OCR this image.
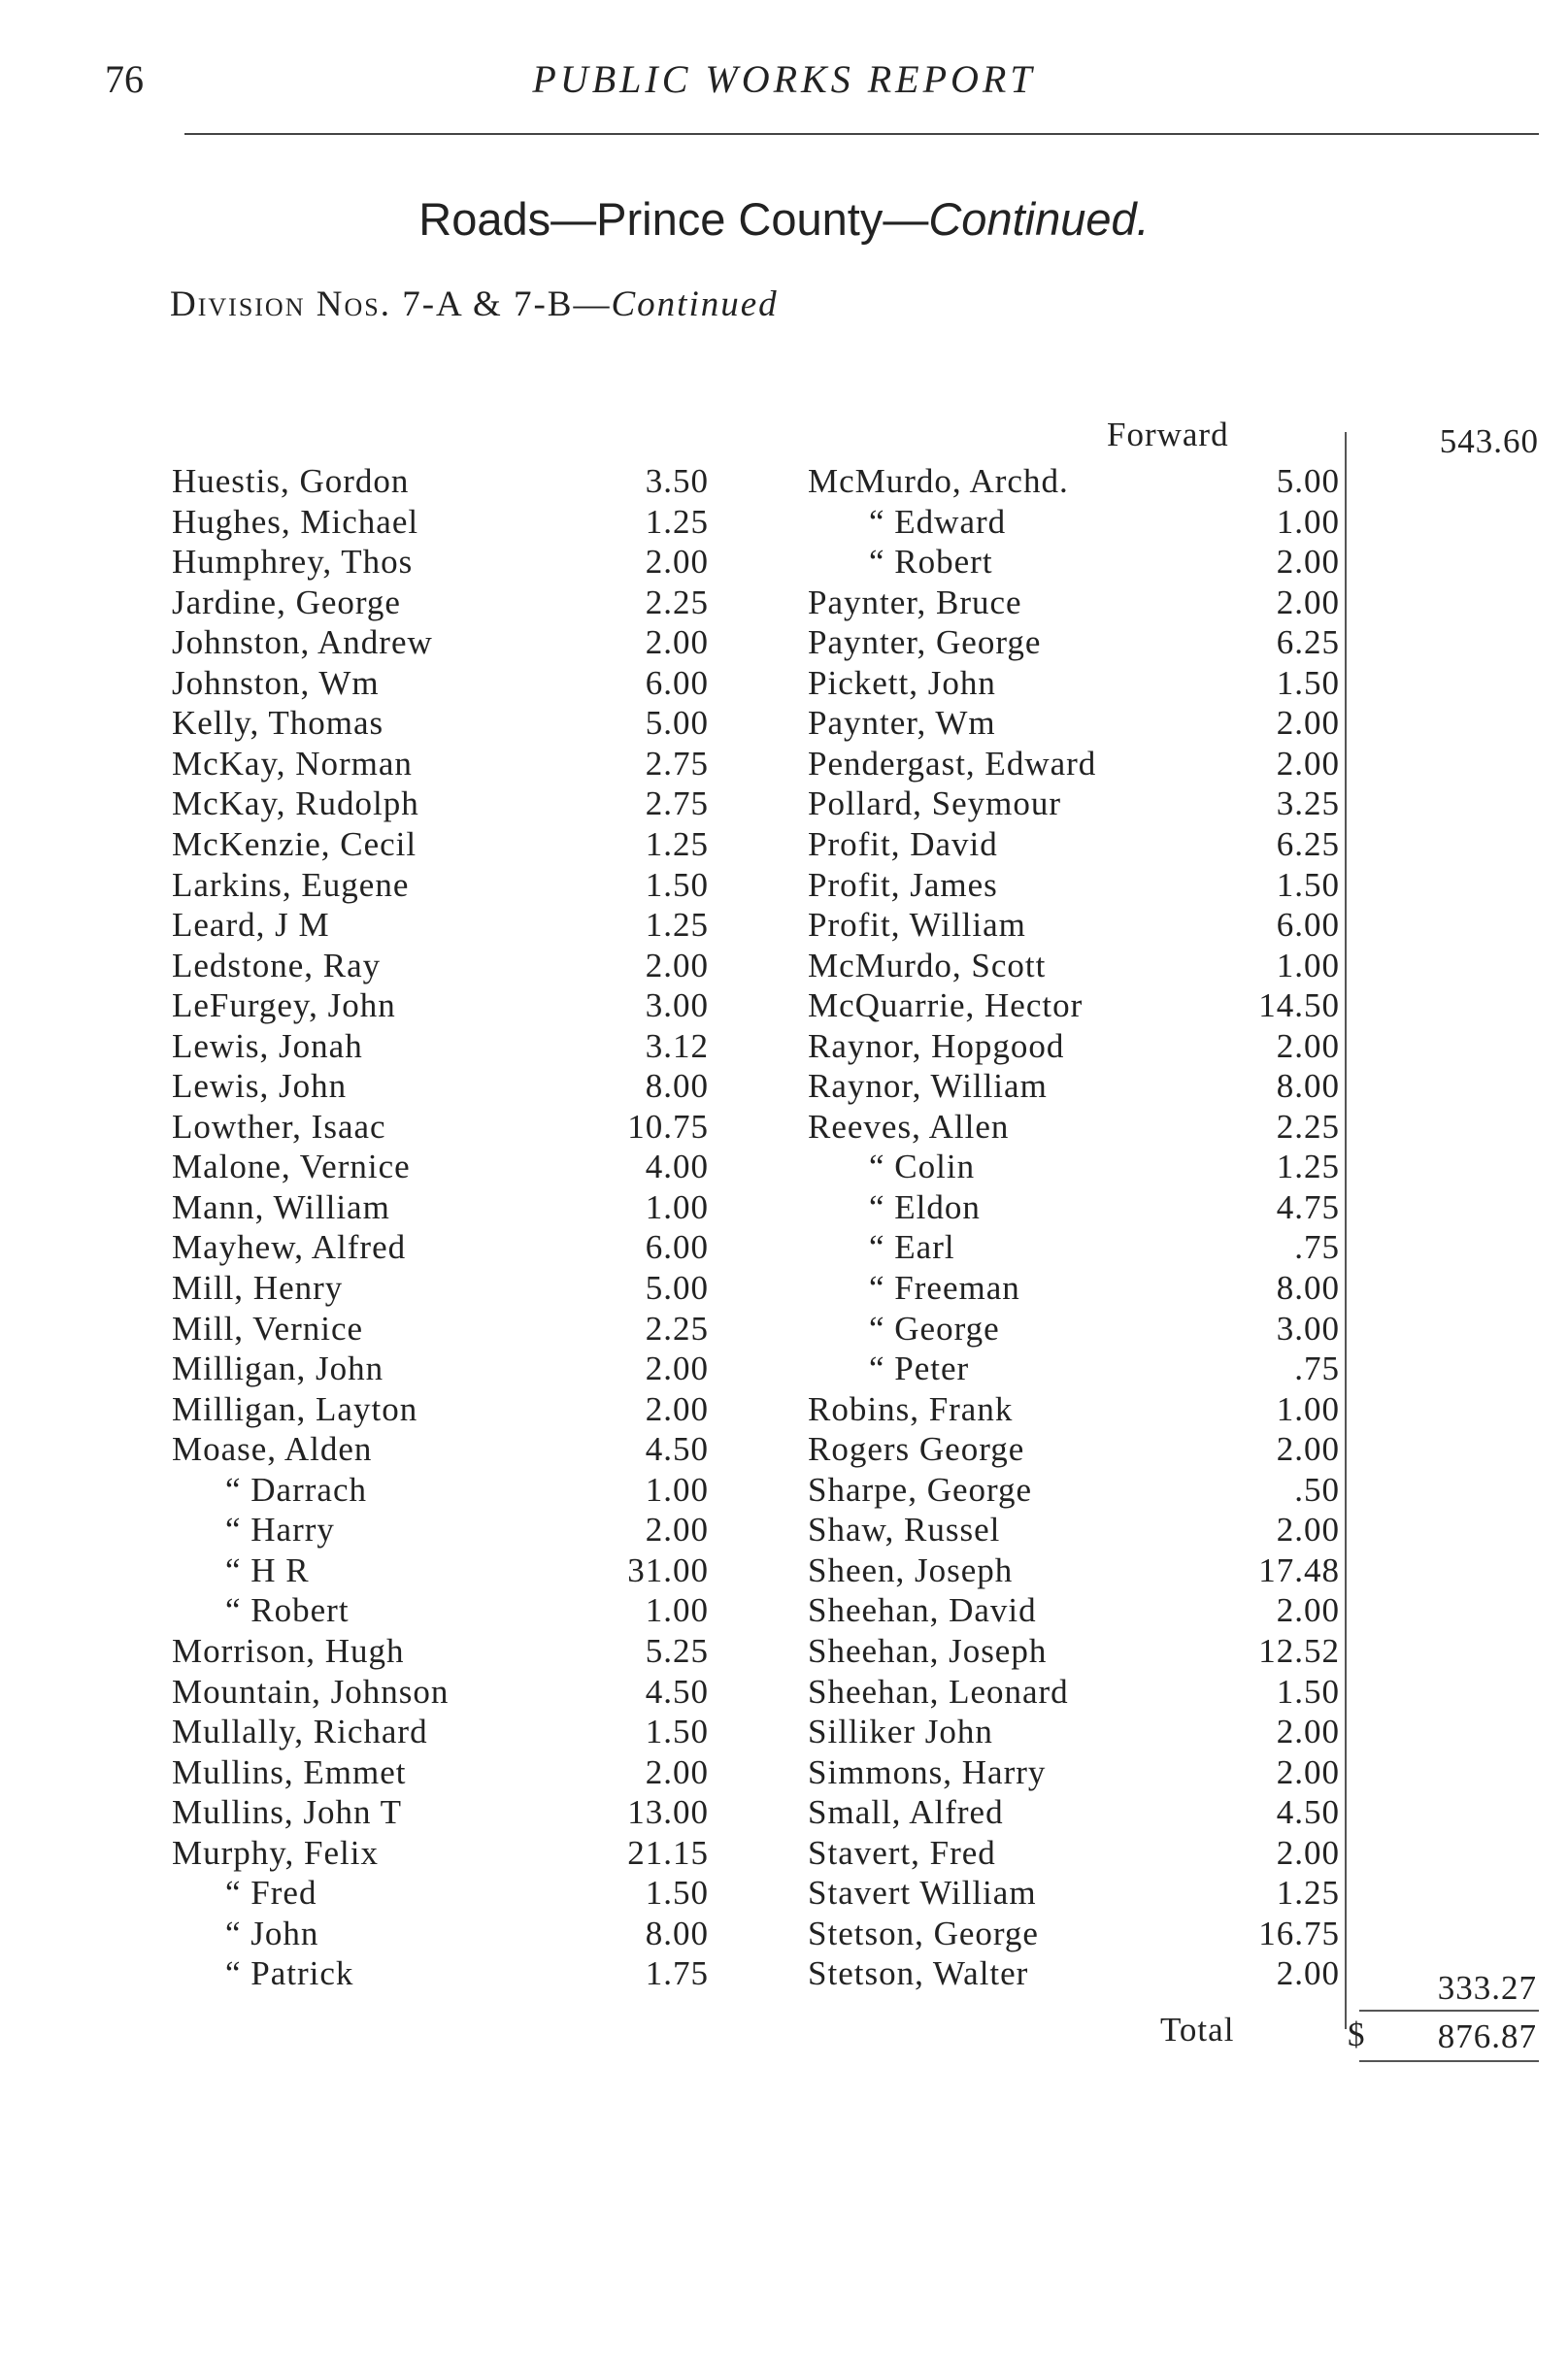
76	PUBLIC WORKS REPORT
Roads—Prince County—Continued.
Division Nos. 7-A & 7-B—Continued
Forward	543.60
Huestis, Gordon	3.50
Hughes, Michael	1.25
Humphrey, Thos	2.00
Jardine, George	2.25
Johnston, Andrew	2.00
Johnston, Wm	6.00
Kelly, Thomas	5.00
McKay, Norman	2.75
McKay, Rudolph	2.75
McKenzie, Cecil	1.25
Larkins, Eugene	1.50
Leard, J M	1.25
Ledstone, Ray	2.00
LeFurgey, John	3.00
Lewis, Jonah	3.12
Lewis, John	8.00
Lowther, Isaac	10.75
Malone, Vernice	4.00
Mann, William	1.00
Mayhew, Alfred	6.00
Mill, Henry	5.00
Mill, Vernice	2.25
Milligan, John	2.00
Milligan, Layton	2.00
Moase, Alden	4.50
“ Darrach	1.00
“ Harry	2.00
“ H R	31.00
“ Robert	1.00
Morrison, Hugh	5.25
Mountain, Johnson	4.50
Mullally, Richard	1.50
Mullins, Emmet	2.00
Mullins, John T	13.00
Murphy, Felix	21.15
“ Fred	1.50
“ John	8.00
“ Patrick	1.75
McMurdo, Archd.	5.00
“ Edward	1.00
“ Robert	2.00
Paynter, Bruce	2.00
Paynter, George	6.25
Pickett, John	1.50
Paynter, Wm	2.00
Pendergast, Edward	2.00
Pollard, Seymour	3.25
Profit, David	6.25
Profit, James	1.50
Profit, William	6.00
McMurdo, Scott	1.00
McQuarrie, Hector	14.50
Raynor, Hopgood	2.00
Raynor, William	8.00
Reeves, Allen	2.25
“ Colin	1.25
“ Eldon	4.75
“ Earl	.75
“ Freeman	8.00
“ George	3.00
“ Peter	.75
Robins, Frank	1.00
Rogers George	2.00
Sharpe, George	.50
Shaw, Russel	2.00
Sheen, Joseph	17.48
Sheehan, David	2.00
Sheehan, Joseph	12.52
Sheehan, Leonard	1.50
Silliker John	2.00
Simmons, Harry	2.00
Small, Alfred	4.50
Stavert, Fred	2.00
Stavert William	1.25
Stetson, George	16.75
Stetson, Walter	2.00	333.27
Total	$ 876.87
